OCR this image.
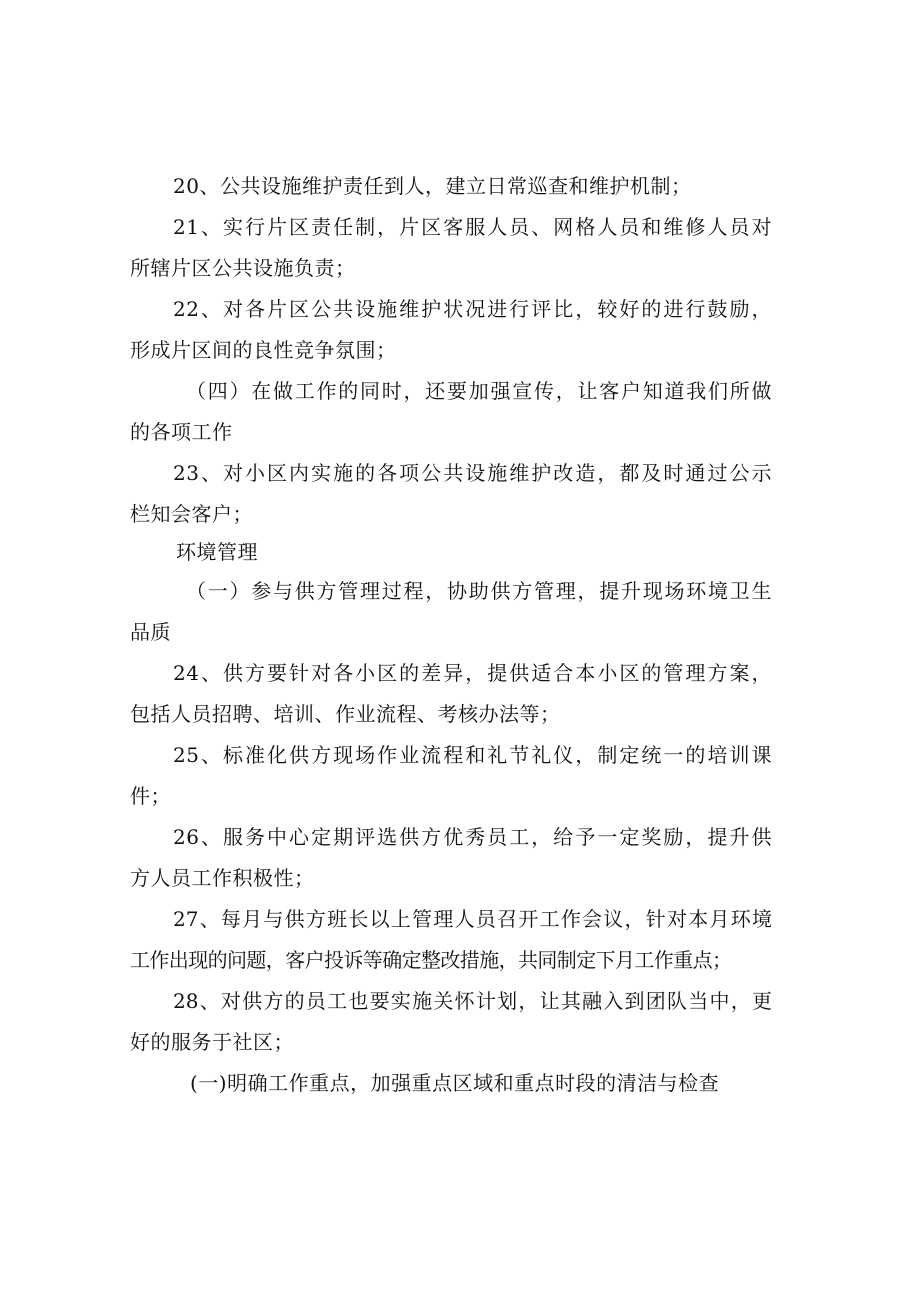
20、公共设施维护责任到人，建立日常巡查和维护机制；
21、实行片区责任制，片区客服人员、网格人员和维修人员对
所辖片区公共设施负责；
22、对各片区公共设施维护状况进行评比，较好的进行鼓励，
形成片区间的良性竞争氛围；
（四）在做工作的同时，还要加强宣传，让客户知道我们所做
的各项工作
23、对小区内实施的各项公共设施维护改造，都及时通过公示
栏知会客户；
环境管理
（一）参与供方管理过程，协助供方管理，提升现场环境卫生
品质
24、供方要针对各小区的差异，提供适合本小区的管理方案，
包括人员招聘、培训、作业流程、考核办法等；
25、标准化供方现场作业流程和礼节礼仪，制定统一的培训课
件；
26、服务中心定期评选供方优秀员工，给予一定奖励，提升供
方人员工作积极性；
27、每月与供方班长以上管理人员召开工作会议，针对本月环境
工作出现的问题，客户投诉等确定整改措施，共同制定下月工作重点；
28、对供方的员工也要实施关怀计划，让其融入到团队当中，更
好的服务于社区；
(一)明确工作重点，加强重点区域和重点时段的清洁与检查
